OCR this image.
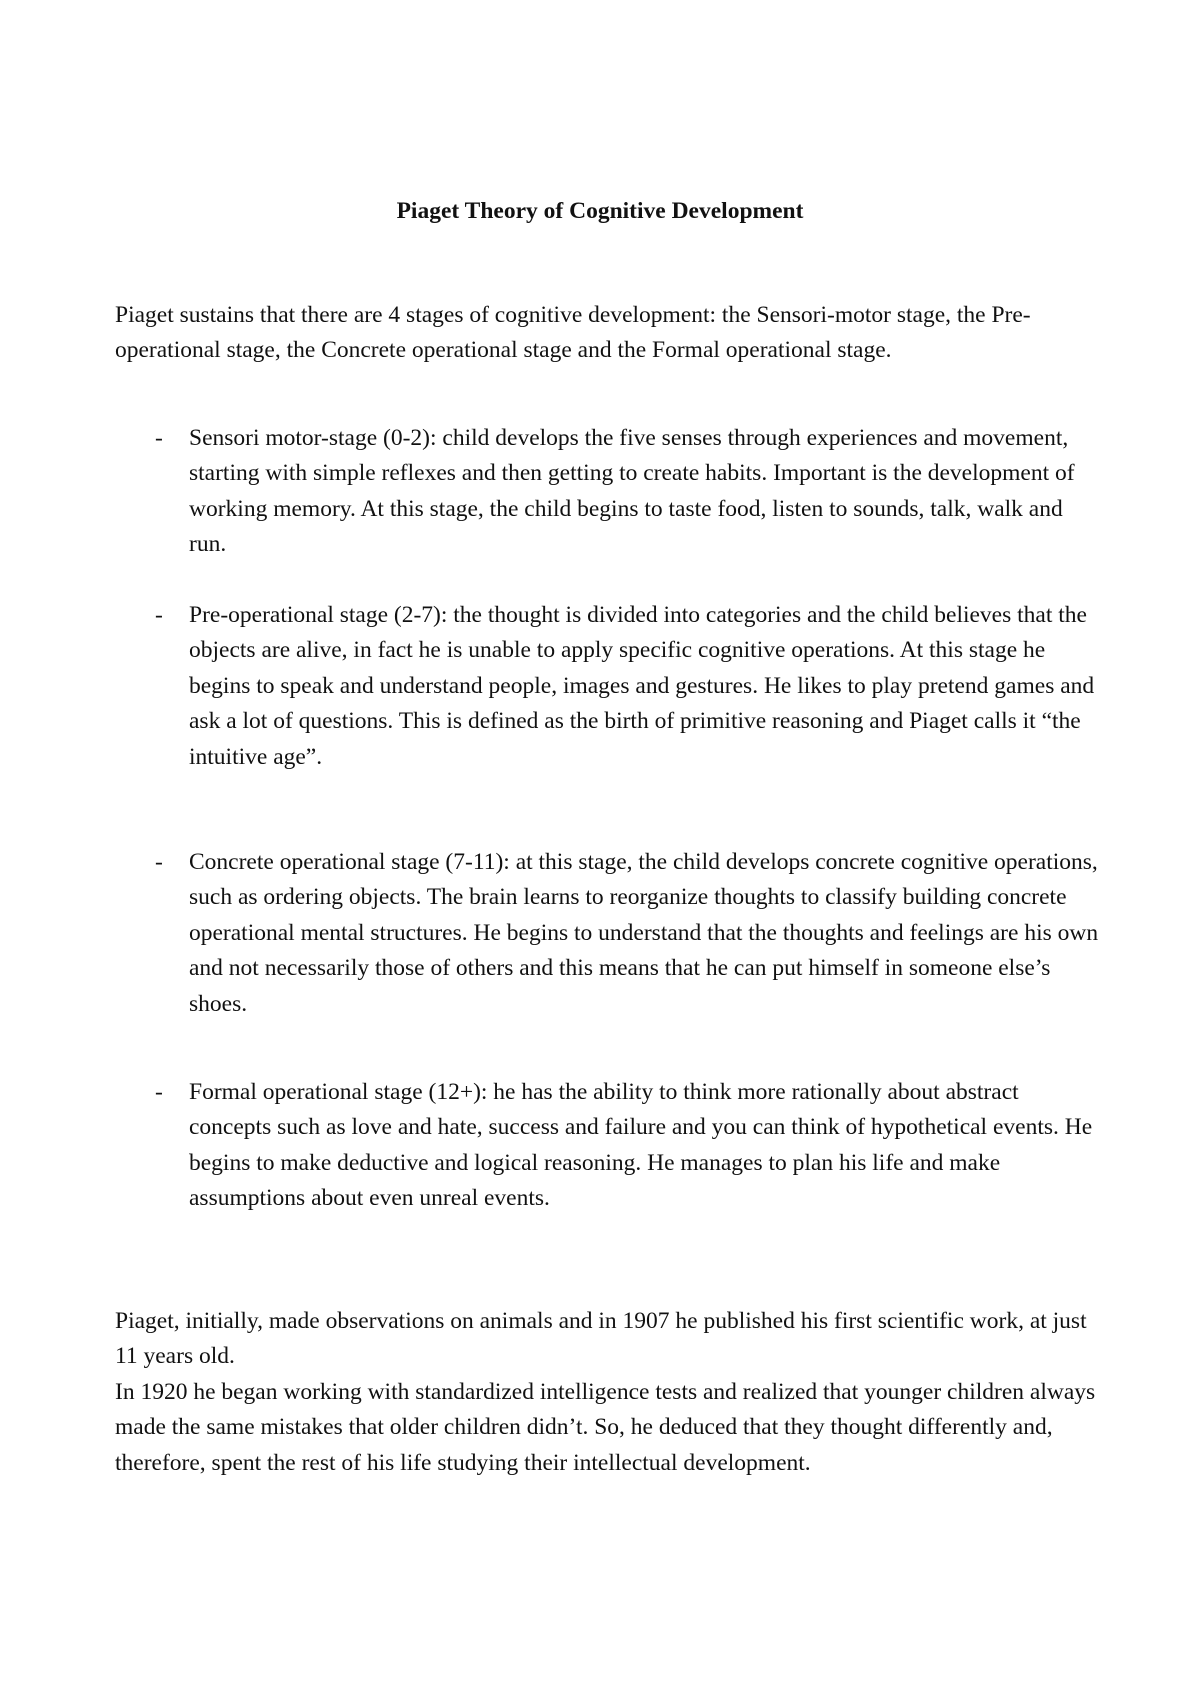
Piaget Theory of Cognitive Development

Piaget sustains that there are 4 stages of cognitive development: the Sensori-motor stage, the Pre-operational stage, the Concrete operational stage and the Formal operational stage.

- Sensori motor-stage (0-2): child develops the five senses through experiences and movement, starting with simple reflexes and then getting to create habits. Important is the development of working memory. At this stage, the child begins to taste food, listen to sounds, talk, walk and run.

- Pre-operational stage (2-7): the thought is divided into categories and the child believes that the objects are alive, in fact he is unable to apply specific cognitive operations. At this stage he begins to speak and understand people, images and gestures. He likes to play pretend games and ask a lot of questions. This is defined as the birth of primitive reasoning and Piaget calls it “the intuitive age”.

- Concrete operational stage (7-11): at this stage, the child develops concrete cognitive operations, such as ordering objects. The brain learns to reorganize thoughts to classify building concrete operational mental structures. He begins to understand that the thoughts and feelings are his own and not necessarily those of others and this means that he can put himself in someone else’s shoes.

- Formal operational stage (12+): he has the ability to think more rationally about abstract concepts such as love and hate, success and failure and you can think of hypothetical events. He begins to make deductive and logical reasoning. He manages to plan his life and make assumptions about even unreal events.

Piaget, initially, made observations on animals and in 1907 he published his first scientific work, at just 11 years old.

In 1920 he began working with standardized intelligence tests and realized that younger children always made the same mistakes that older children didn’t. So, he deduced that they thought differently and, therefore, spent the rest of his life studying their intellectual development.
